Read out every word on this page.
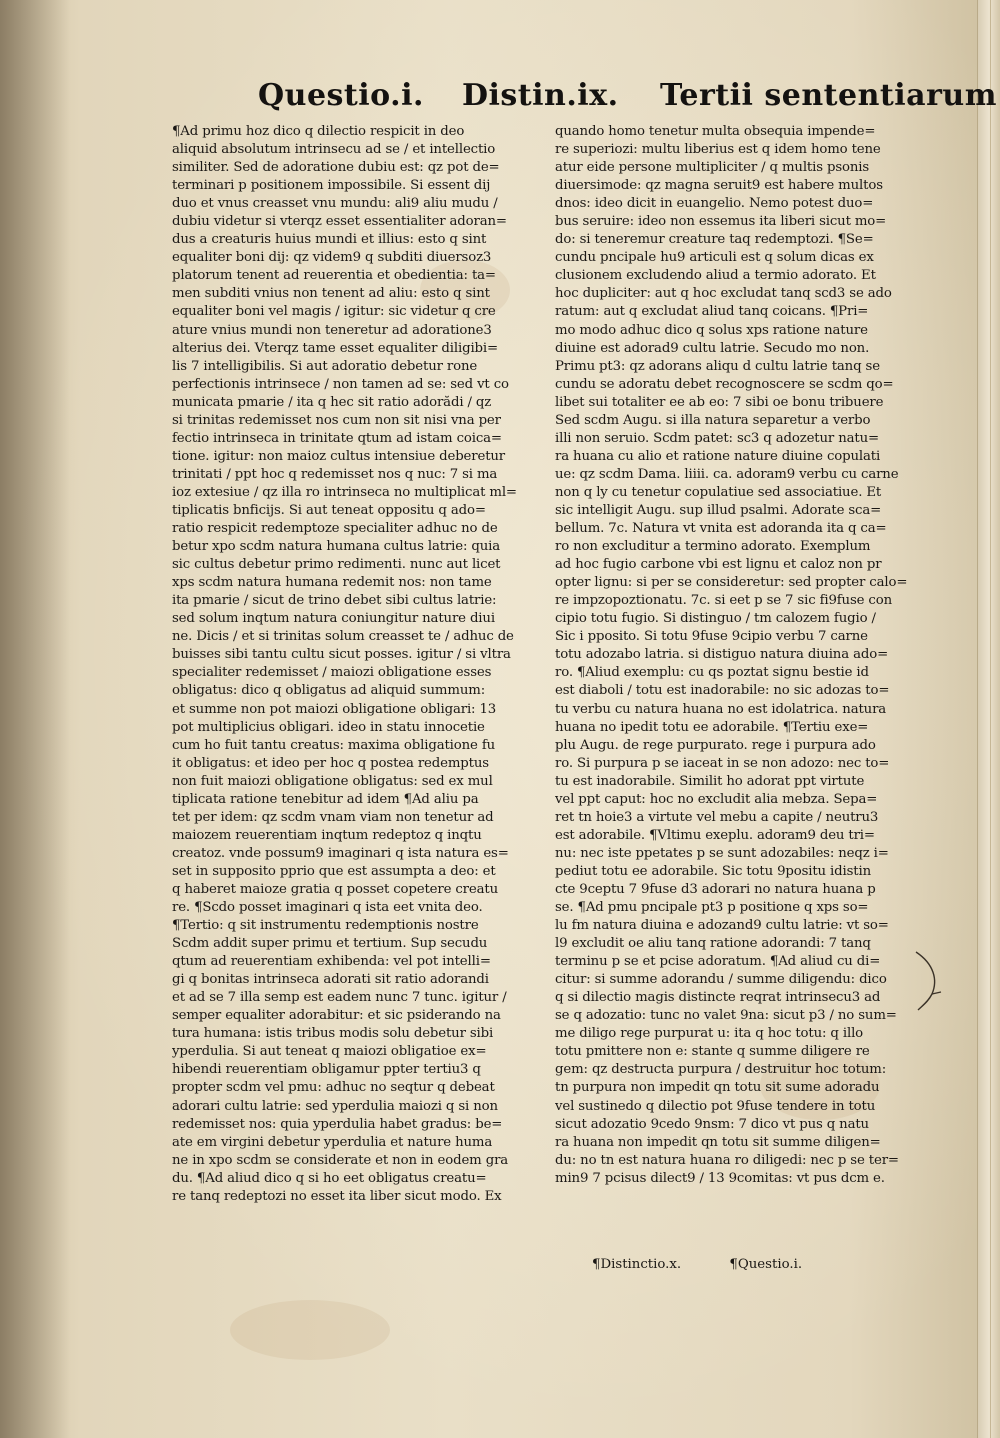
Questio.i. Distin.ix. Tertii sententiarum
¶Ad primu hoz dico q dilectio respicit in deo
aliquid absolutum intrinsecu ad se / et intellectio
similiter. Sed de adoratione dubiu est: qz pot de=
terminari p positionem impossibile. Si essent dij
duo et vnus creasset vnu mundu: ali9 aliu mudu /
dubiu videtur si vterqz esset essentialiter adoran=
dus a creaturis huius mundi et illius: esto q sint
equaliter boni dij: qz videm9 q subditi diuersoz3
platorum tenent ad reuerentia et obedientia: ta=
men subditi vnius non tenent ad aliu: esto q sint
equaliter boni vel magis / igitur: sic videtur q cre
ature vnius mundi non teneretur ad adoratione3
alterius dei. Vterqz tame esset equaliter diligibi=
lis 7 intelligibilis. Si aut adoratio debetur rone
perfectionis intrinsece / non tamen ad se: sed vt co
municata pmarie / ita q hec sit ratio adorădi / qz
si trinitas redemisset nos cum non sit nisi vna per
fectio intrinseca in trinitate qtum ad istam coica=
tione. igitur: non maioz cultus intensiue deberetur
trinitati / ppt hoc q redemisset nos q nuc: 7 si ma
ioz extesiue / qz illa ro intrinseca no multiplicat ml=
tiplicatis bnficijs. Si aut teneat oppositu q ado=
ratio respicit redemptoze specialiter adhuc no de
betur xpo scdm natura humana cultus latrie: quia
sic cultus debetur primo redimenti. nunc aut licet
xps scdm natura humana redemit nos: non tame
ita pmarie / sicut de trino debet sibi cultus latrie:
sed solum inqtum natura coniungitur nature diui
ne. Dicis / et si trinitas solum creasset te / adhuc de
buisses sibi tantu cultu sicut posses. igitur / si vltra
specialiter redemisset / maiozi obligatione esses
obligatus: dico q obligatus ad aliquid summum:
et summe non pot maiozi obligatione obligari: 13
pot multiplicius obligari. ideo in statu innocetie
cum ho fuit tantu creatus: maxima obligatione fu
it obligatus: et ideo per hoc q postea redemptus
non fuit maiozi obligatione obligatus: sed ex mul
tiplicata ratione tenebitur ad idem ¶Ad aliu pa
tet per idem: qz scdm vnam viam non tenetur ad
maiozem reuerentiam inqtum redeptoz q inqtu
creatoz. vnde possum9 imaginari q ista natura es=
set in supposito pprio que est assumpta a deo: et
q haberet maioze gratia q posset copetere creatu
re. ¶Scdo posset imaginari q ista eet vnita deo.
¶Tertio: q sit instrumentu redemptionis nostre
Scdm addit super primu et tertium. Sup secudu
qtum ad reuerentiam exhibenda: vel pot intelli=
gi q bonitas intrinseca adorati sit ratio adorandi
et ad se 7 illa semp est eadem nunc 7 tunc. igitur /
semper equaliter adorabitur: et sic psiderando na
tura humana: istis tribus modis solu debetur sibi
yperdulia. Si aut teneat q maiozi obligatioe ex=
hibendi reuerentiam obligamur ppter tertiu3 q
propter scdm vel pmu: adhuc no seqtur q debeat
adorari cultu latrie: sed yperdulia maiozi q si non
redemisset nos: quia yperdulia habet gradus: be=
ate em virgini debetur yperdulia et nature huma
ne in xpo scdm se considerate et non in eodem gra
du. ¶Ad aliud dico q si ho eet obligatus creatu=
re tanq redeptozi no esset ita liber sicut modo. Ex
quando homo tenetur multa obsequia impende=
re superiozi: multu liberius est q idem homo tene
atur eide persone multipliciter / q multis psonis
diuersimode: qz magna seruit9 est habere multos
dnos: ideo dicit in euangelio. Nemo potest duo=
bus seruire: ideo non essemus ita liberi sicut mo=
do: si teneremur creature taq redemptozi. ¶Se=
cundu pncipale hu9 articuli est q solum dicas ex
clusionem excludendo aliud a termio adorato. Et
hoc dupliciter: aut q hoc excludat tanq scd3 se ado
ratum: aut q excludat aliud tanq coicans. ¶Pri=
mo modo adhuc dico q solus xps ratione nature
diuine est adorad9 cultu latrie. Secudo mo non.
Primu pt3: qz adorans aliqu d cultu latrie tanq se
cundu se adoratu debet recognoscere se scdm qo=
libet sui totaliter ee ab eo: 7 sibi oe bonu tribuere
Sed scdm Augu. si illa natura separetur a verbo
illi non seruio. Scdm patet: sc3 q adozetur natu=
ra huana cu alio et ratione nature diuine copulati
ue: qz scdm Dama. liiii. ca. adoram9 verbu cu carne
non q ly cu tenetur copulatiue sed associatiue. Et
sic intelligit Augu. sup illud psalmi. Adorate sca=
bellum. 7c. Natura vt vnita est adoranda ita q ca=
ro non excluditur a termino adorato. Exemplum
ad hoc fugio carbone vbi est lignu et caloz non pr
opter lignu: si per se consideretur: sed propter calo=
re impzopoztionatu. 7c. si eet p se 7 sic fi9fuse con
cipio totu fugio. Si distinguo / tm calozem fugio /
Sic i pposito. Si totu 9fuse 9cipio verbu 7 carne
totu adozabo latria. si distiguo natura diuina ado=
ro. ¶Aliud exemplu: cu qs poztat signu bestie id
est diaboli / totu est inadorabile: no sic adozas to=
tu verbu cu natura huana no est idolatrica. natura
huana no ipedit totu ee adorabile. ¶Tertiu exe=
plu Augu. de rege purpurato. rege i purpura ado
ro. Si purpura p se iaceat in se non adozo: nec to=
tu est inadorabile. Similit ho adorat ppt virtute
vel ppt caput: hoc no excludit alia mebza. Sepa=
ret tn hoie3 a virtute vel mebu a capite / neutru3
est adorabile. ¶Vltimu exeplu. adoram9 deu tri=
nu: nec iste ppetates p se sunt adozabiles: neqz i=
pediut totu ee adorabile. Sic totu 9positu idistin
cte 9ceptu 7 9fuse d3 adorari no natura huana p
se. ¶Ad pmu pncipale pt3 p positione q xps so=
lu fm natura diuina e adozand9 cultu latrie: vt so=
l9 excludit oe aliu tanq ratione adorandi: 7 tanq
terminu p se et pcise adoratum. ¶Ad aliud cu di=
citur: si summe adorandu / summe diligendu: dico
q si dilectio magis distincte reqrat intrinsecu3 ad
se q adozatio: tunc no valet 9na: sicut p3 / no sum=
me diligo rege purpurat u: ita q hoc totu: q illo
totu pmittere non e: stante q summe diligere re
gem: qz destructa purpura / destruitur hoc totum:
tn purpura non impedit qn totu sit sume adoradu
vel sustinedo q dilectio pot 9fuse tendere in totu
sicut adozatio 9cedo 9nsm: 7 dico vt pus q natu
ra huana non impedit qn totu sit summe diligen=
du: no tn est natura huana ro diligedi: nec p se ter=
min9 7 pcisus dilect9 / 13 9comitas: vt pus dcm e.
¶Distinctio.x.	¶Questio.i.
